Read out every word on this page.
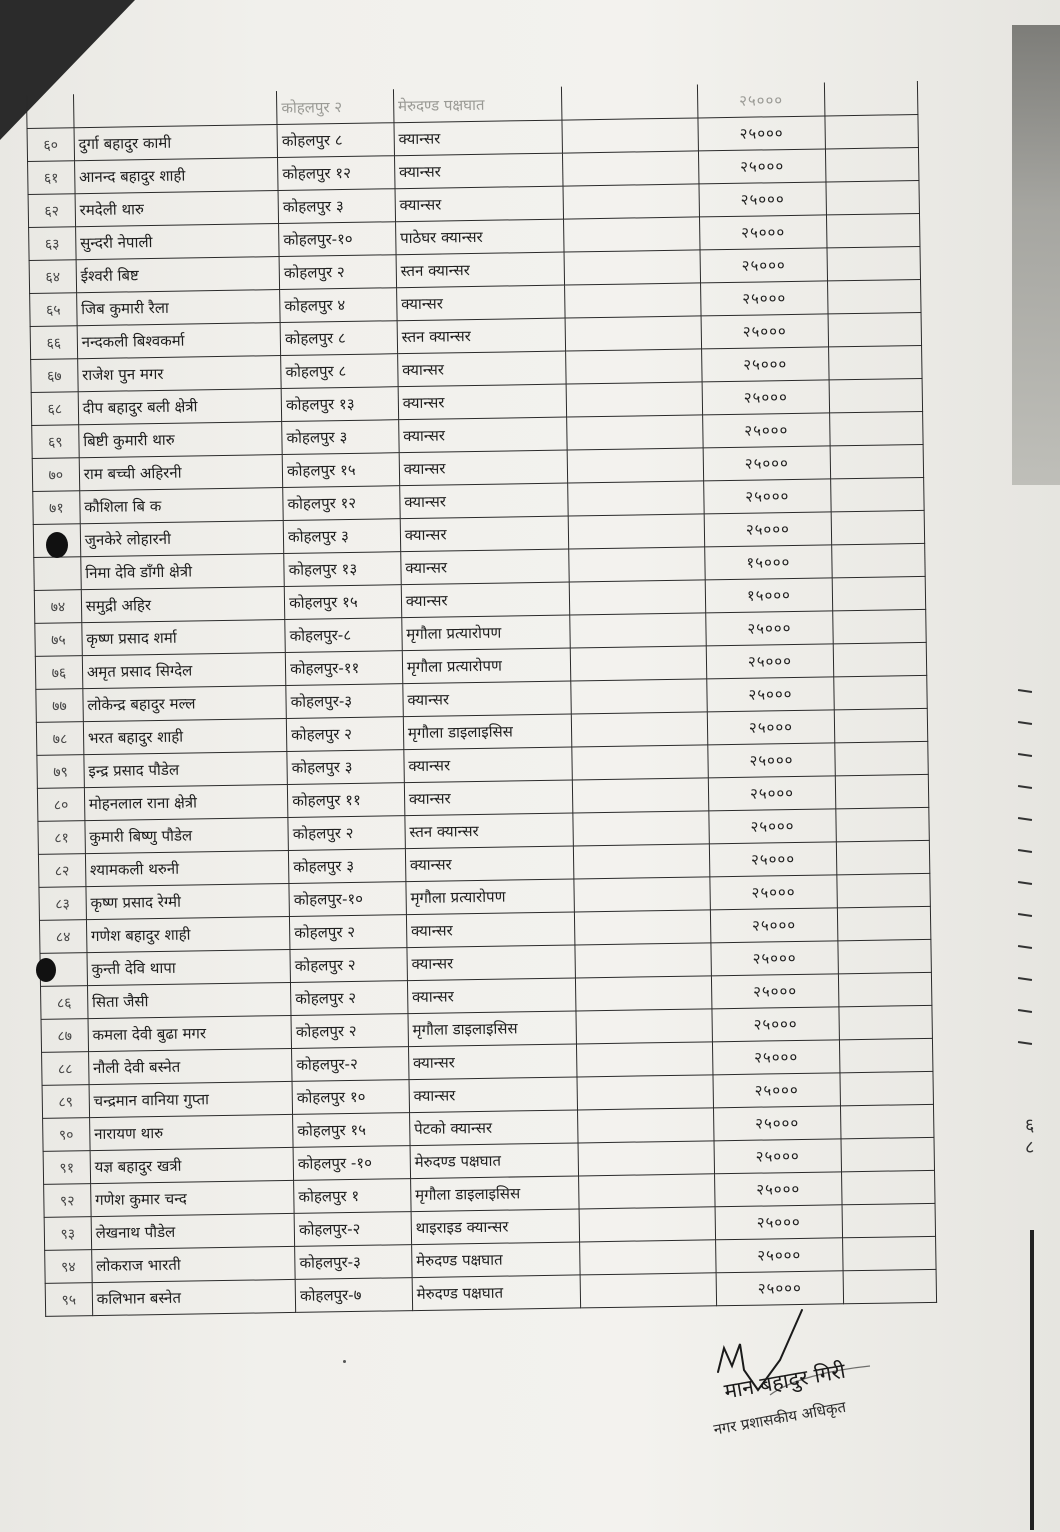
		कोहलपुर २	मेरुदण्ड पक्षघात		२५०००	
६०	दुर्गा बहादुर कामी	कोहलपुर ८	क्यान्सर		२५०००	
६१	आनन्द बहादुर शाही	कोहलपुर १२	क्यान्सर		२५०००	
६२	रमदेली थारु	कोहलपुर ३	क्यान्सर		२५०००	
६३	सुन्दरी नेपाली	कोहलपुर-१०	पाठेघर क्यान्सर		२५०००	
६४	ईश्वरी बिष्ट	कोहलपुर २	स्तन क्यान्सर		२५०००	
६५	जिब कुमारी रैला	कोहलपुर ४	क्यान्सर		२५०००	
६६	नन्दकली बिश्वकर्मा	कोहलपुर ८	स्तन क्यान्सर		२५०००	
६७	राजेश पुन मगर	कोहलपुर ८	क्यान्सर		२५०००	
६८	दीप बहादुर बली क्षेत्री	कोहलपुर १३	क्यान्सर		२५०००	
६९	बिष्टी कुमारी थारु	कोहलपुर ३	क्यान्सर		२५०००	
७०	राम बच्ची अहिरनी	कोहलपुर १५	क्यान्सर		२५०००	
७१	कौशिला बि क	कोहलपुर १२	क्यान्सर		२५०००	
	जुनकेरे लोहारनी	कोहलपुर ३	क्यान्सर		२५०००	
	निमा देवि डाँगी क्षेत्री	कोहलपुर १३	क्यान्सर		१५०००	
७४	समुद्री अहिर	कोहलपुर १५	क्यान्सर		१५०००	
७५	कृष्ण प्रसाद शर्मा	कोहलपुर-८	मृगौला प्रत्यारोपण		२५०००	
७६	अमृत प्रसाद सिग्देल	कोहलपुर-११	मृगौला प्रत्यारोपण		२५०००	
७७	लोकेन्द्र बहादुर मल्ल	कोहलपुर-३	क्यान्सर		२५०००	
७८	भरत बहादुर शाही	कोहलपुर २	मृगौला डाइलाइसिस		२५०००	
७९	इन्द्र प्रसाद पौडेल	कोहलपुर ३	क्यान्सर		२५०००	
८०	मोहनलाल राना क्षेत्री	कोहलपुर ११	क्यान्सर		२५०००	
८१	कुमारी बिष्णु पौडेल	कोहलपुर २	स्तन क्यान्सर		२५०००	
८२	श्यामकली थरुनी	कोहलपुर ३	क्यान्सर		२५०००	
८३	कृष्ण प्रसाद रेग्मी	कोहलपुर-१०	मृगौला प्रत्यारोपण		२५०००	
८४	गणेश बहादुर शाही	कोहलपुर २	क्यान्सर		२५०००	
	कुन्ती देवि थापा	कोहलपुर २	क्यान्सर		२५०००	
८६	सिता जैसी	कोहलपुर २	क्यान्सर		२५०००	
८७	कमला देवी बुढा मगर	कोहलपुर २	मृगौला डाइलाइसिस		२५०००	
८८	नौली देवी बस्नेत	कोहलपुर-२	क्यान्सर		२५०००	
८९	चन्द्रमान वानिया गुप्ता	कोहलपुर १०	क्यान्सर		२५०००	
९०	नारायण थारु	कोहलपुर १५	पेटको क्यान्सर		२५०००	
९१	यज्ञ बहादुर खत्री	कोहलपुर -१०	मेरुदण्ड पक्षघात		२५०००	
९२	गणेश कुमार चन्द	कोहलपुर १	मृगौला डाइलाइसिस		२५०००	
९३	लेखनाथ पौडेल	कोहलपुर-२	थाइराइड क्यान्सर		२५०००	
९४	लोकराज भारती	कोहलपुर-३	मेरुदण्ड पक्षघात		२५०००	
९५	कलिभान बस्नेत	कोहलपुर-७	मेरुदण्ड पक्षघात		२५०००	
६
८
मान बहादुर गिरी
नगर प्रशासकीय अधिकृत
